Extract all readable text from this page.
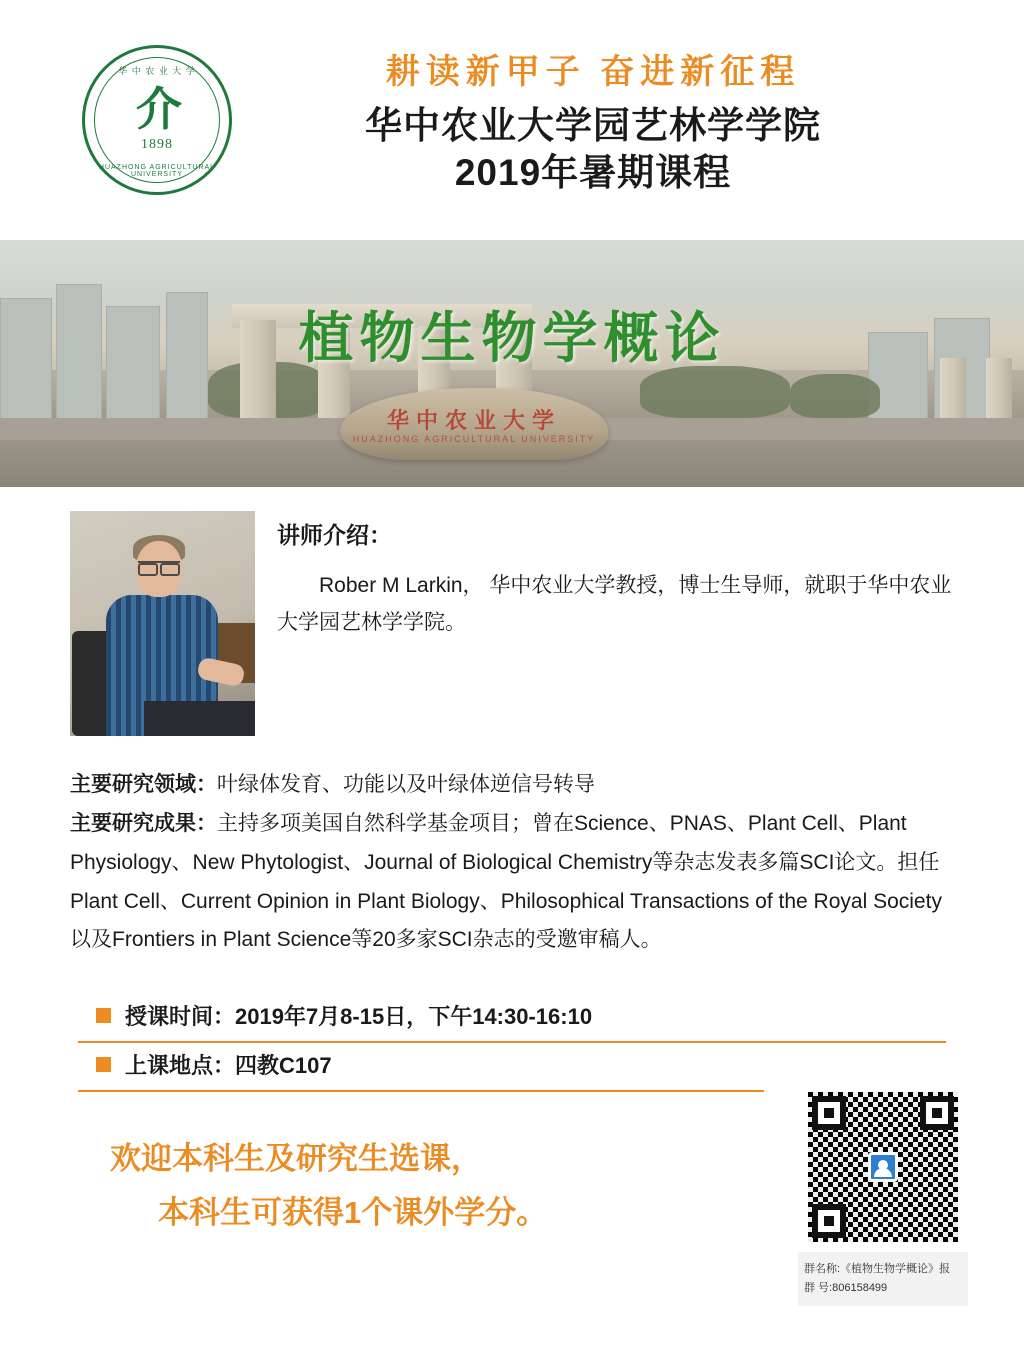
华 中 农 业 大 学
介
1898
HUAZHONG AGRICULTURAL UNIVERSITY
耕读新甲子 奋进新征程
华中农业大学园艺林学学院
2019年暑期课程
华中农业大学
HUAZHONG AGRICULTURAL UNIVERSITY
植物生物学概论
讲师介绍：
Rober M Larkin， 华中农业大学教授，博士生导师，就职于华中农业大学园艺林学学院。
主要研究领域：叶绿体发育、功能以及叶绿体逆信号转导
主要研究成果：主持多项美国自然科学基金项目；曾在Science、PNAS、Plant Cell、Plant Physiology、New Phytologist、Journal of Biological Chemistry等杂志发表多篇SCI论文。担任Plant Cell、Current Opinion in Plant Biology、Philosophical Transactions of the Royal Society以及Frontiers in Plant Science等20多家SCI杂志的受邀审稿人。
授课时间：2019年7月8-15日，下午14:30-16:10
上课地点：四教C107
欢迎本科生及研究生选课，
本科生可获得1个课外学分。
群名称:《植物生物学概论》报
群 号:806158499
